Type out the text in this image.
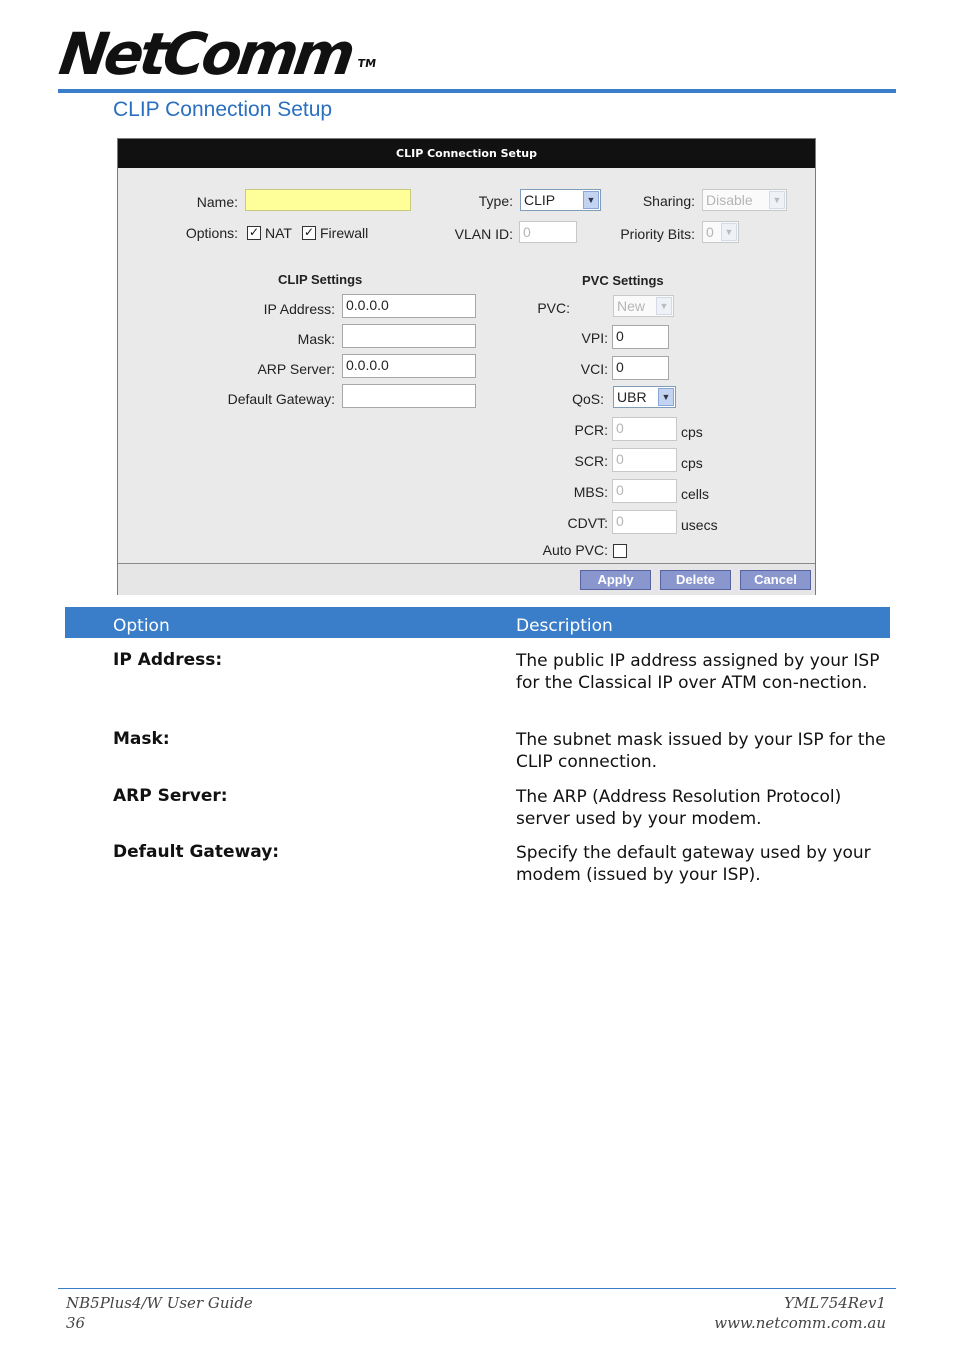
NetComm™
CLIP Connection Setup
CLIP Connection Setup
Name:	Type: CLIP	▼	Sharing: Disable	▼
Options: ✓ NAT ✓ Firewall	VLAN ID: 0	Priority Bits: 0	▼
CLIP Settings	PVC Settings
IP Address: 0.0.0.0
Mask:
ARP Server: 0.0.0.0
Default Gateway:
PVC:	New	▼
VPI: 0
VCI: 0
QoS: UBR	▼
PCR: 0	cps
SCR: 0	cps
MBS: 0	cells
CDVT: 0	usecs
Auto PVC:
Apply	Delete	Cancel
Option	Description
IP Address:	The public IP address assigned by your ISP for the Classical IP over ATM con-nection.
Mask:	The subnet mask issued by your ISP for the CLIP connection.
ARP Server:	The ARP (Address Resolution Protocol) server used by your modem.
Default Gateway:	Specify the default gateway used by your modem (issued by your ISP).
NB5Plus4/W User Guide
36
YML754Rev1
www.netcomm.com.au
